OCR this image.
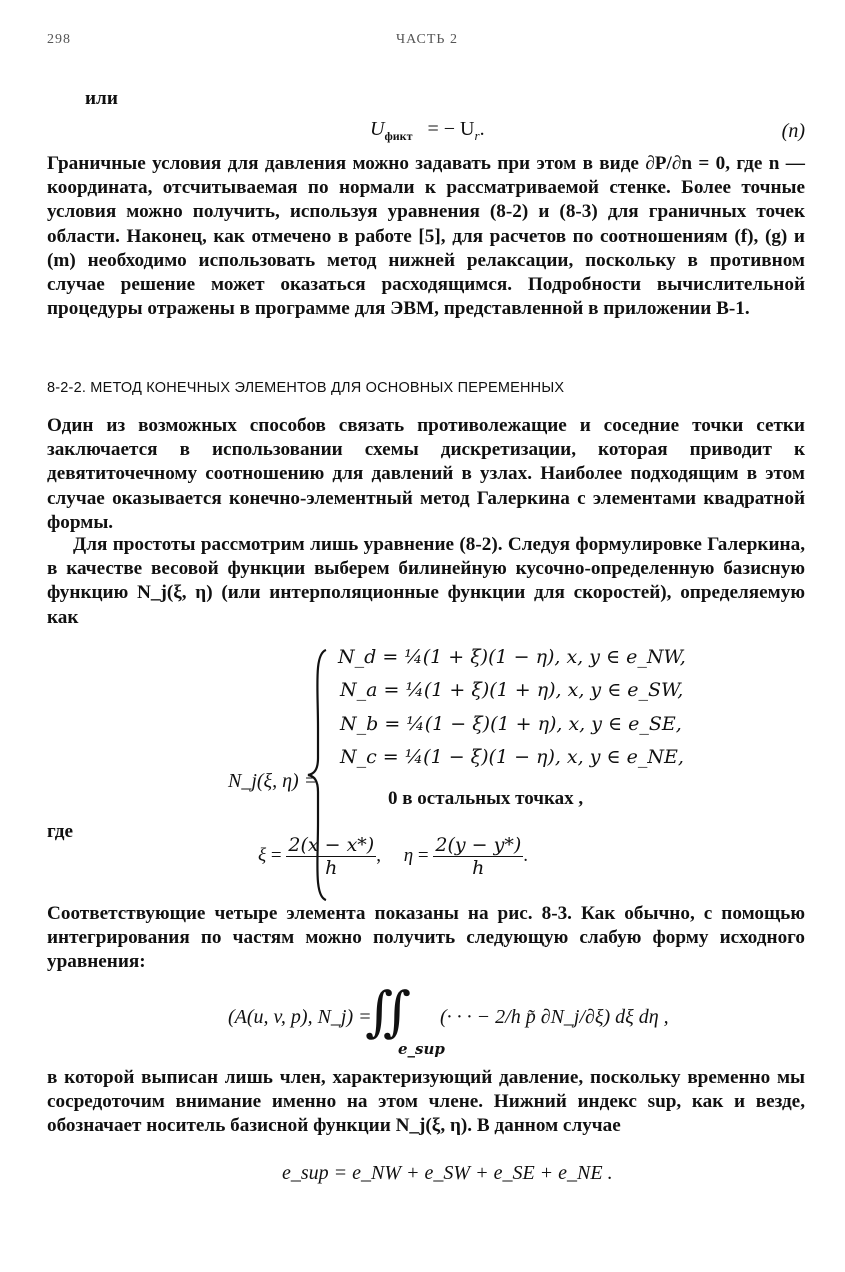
298	ЧАСТЬ 2
или
$U_{фикт}$ = − $U_r$.	(n)
Граничные условия для давления можно задавать при этом в виде ∂P/∂n = 0, где n — координата, отсчитываемая по нормали к рассматриваемой стенке. Более точные условия можно получить, используя уравнения (8-2) и (8-3) для граничных точек области. Наконец, как отмечено в работе [5], для расчетов по соотношениям (f), (g) и (m) необходимо использовать метод нижней релаксации, поскольку в противном случае решение может оказаться расходящимся. Подробности вычислительной процедуры отражены в программе для ЭВМ, представленной в приложении В-1.
8-2-2. МЕТОД КОНЕЧНЫХ ЭЛЕМЕНТОВ ДЛЯ ОСНОВНЫХ ПЕРЕМЕННЫХ
Один из возможных способов связать противолежащие и соседние точки сетки заключается в использовании схемы дискретизации, которая приводит к девятиточечному соотношению для давлений в узлах. Наиболее подходящим в этом случае оказывается конечно-элементный метод Галеркина с элементами квадратной формы.
Для простоты рассмотрим лишь уравнение (8-2). Следуя формулировке Галеркина, в качестве весовой функции выберем билинейную кусочно-определенную базисную функцию N_j(ξ, η) (или интерполяционные функции для скоростей), определяемую как
N_j(ξ, η) =
N_d = ¼(1 + ξ)(1 − η), x, y ∈ e_NW,
N_a = ¼(1 + ξ)(1 + η), x, y ∈ e_SW,
N_b = ¼(1 − ξ)(1 + η), x, y ∈ e_SE,
N_c = ¼(1 − ξ)(1 − η), x, y ∈ e_NE,
0 в остальных точках ,
где
$\xi = \frac{2(x - x*)}{h}$ , $\eta = \frac{2(y - y*)}{h}$ .
Соответствующие четыре элемента показаны на рис. 8-3. Как обычно, с помощью интегрирования по частям можно получить следующую слабую форму исходного уравнения:
(A(u, v, p), N_j) =
∬
e_sup
(· · · − 2/h p̃ ∂N_j/∂ξ) dξ dη ,
в которой выписан лишь член, характеризующий давление, поскольку временно мы сосредоточим внимание именно на этом члене. Нижний индекс sup, как и везде, обозначает носитель базисной функции N_j(ξ, η). В данном случае
e_sup = e_NW + e_SW + e_SE + e_NE .
